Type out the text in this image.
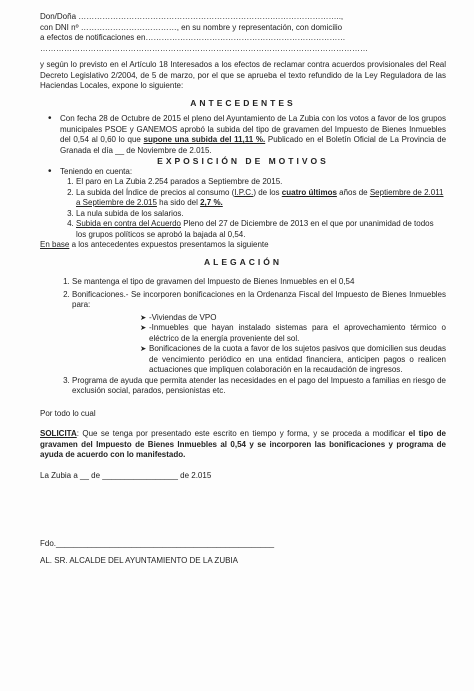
Don/Doña ……………………………………………………………….……………………..,
con DNI nº ………………………………, en su nombre y representación, con domicilio
a efectos de notificaciones en…………………………………………………………………
……………………………………………………………………………………………………………
y según lo previsto en el Artículo 18 Interesados a los efectos de reclamar contra acuerdos provisionales del Real Decreto Legislativo 2/2004, de 5 de marzo, por el que se aprueba el texto refundido de la Ley Reguladora de las Haciendas Locales, expone lo siguiente:
ANTECEDENTES
• Con fecha 28 de Octubre de 2015 el pleno del Ayuntamiento de La Zubia con los votos a favor de los grupos municipales PSOE y GANEMOS aprobó la subida del tipo de gravamen del Impuesto de Bienes Inmuebles del 0,54 al 0,60 lo que supone una subida del 11,11 %. Publicado en el Boletín Oficial de La Provincia de Granada el día __ de Noviembre de 2.015.
EXPOSICIÓN DE MOTIVOS
• Teniendo en cuenta:
1. El paro en La Zubia 2.254 parados a Septiembre de 2015.
2. La subida del Índice de precios al consumo (I.P.C.) de los cuatro últimos años de Septiembre de 2.011 a Septiembre de 2.015 ha sido del 2,7 %.
3. La nula subida de los salarios.
4. Subida en contra del Acuerdo Pleno del 27 de Diciembre de 2013 en el que por unanimidad de todos los grupos políticos se aprobó la bajada al 0,54.
En base a los antecedentes expuestos presentamos la siguiente
ALEGACIÓN
1. Se mantenga el tipo de gravamen del Impuesto de Bienes Inmuebles en el 0,54
2. Bonificaciones.- Se incorporen bonificaciones en la Ordenanza Fiscal del Impuesto de Bienes Inmuebles para:
➤ -Viviendas de VPO
➤ -Inmuebles que hayan instalado sistemas para el aprovechamiento térmico o eléctrico de la energía proveniente del sol.
➤ Bonificaciones de la cuota a favor de los sujetos pasivos que domicilien sus deudas de vencimiento periódico en una entidad financiera, anticipen pagos o realicen actuaciones que impliquen colaboración en la recaudación de ingresos.
3. Programa de ayuda que permita atender las necesidades en el pago del Impuesto a familias en riesgo de exclusión social, parados, pensionistas etc.
Por todo lo cual
SOLICITA: Que se tenga por presentado este escrito en tiempo y forma, y se proceda a modificar el tipo de gravamen del Impuesto de Bienes Inmuebles al 0,54 y se incorporen las bonificaciones y programa de ayuda de acuerdo con lo manifestado.
La Zubia a __ de _________________ de 2.015
Fdo._________________________________________________
AL. SR. ALCALDE DEL AYUNTAMIENTO DE LA ZUBIA
